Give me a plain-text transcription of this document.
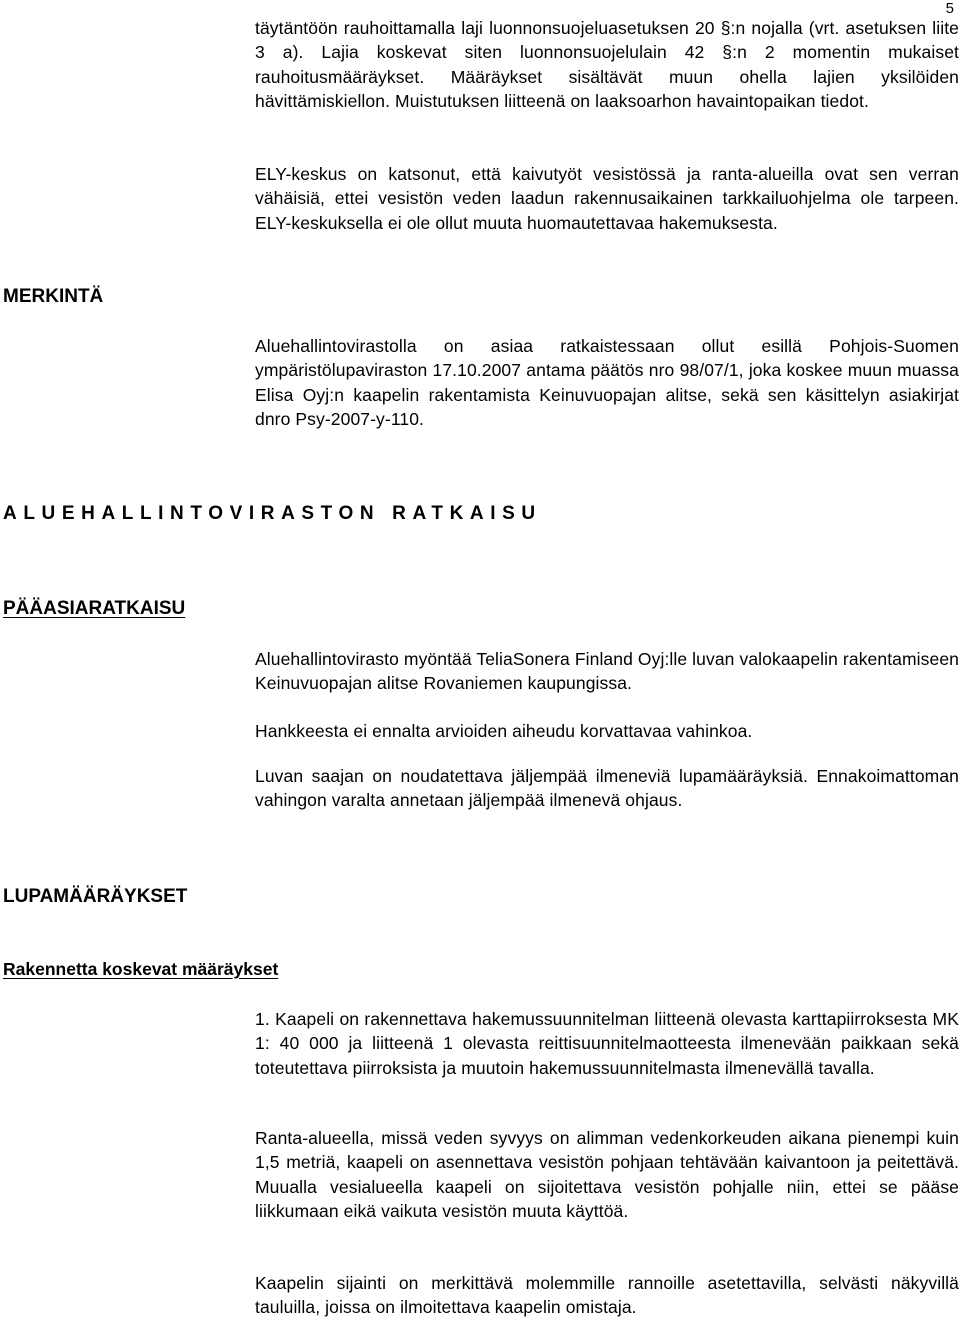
5

täytäntöön rauhoittamalla laji luonnonsuojeluasetuksen 20 §:n nojalla (vrt. asetuksen liite 3 a). Lajia koskevat siten luonnonsuojelulain 42 §:n 2 momentin mukaiset rauhoitusmääräykset. Määräykset sisältävät muun ohella lajien yksilöiden hävittämiskiellon. Muistutuksen liitteenä on laaksoarhon havaintopaikan tiedot.

ELY-keskus on katsonut, että kaivutyöt vesistössä ja ranta-alueilla ovat sen verran vähäisiä, ettei vesistön veden laadun rakennusaikainen tarkkailuohjelma ole tarpeen. ELY-keskuksella ei ole ollut muuta huomautettavaa hakemuksesta.

MERKINTÄ

Aluehallintovirastolla on asiaa ratkaistessaan ollut esillä Pohjois-Suomen ympäristölupaviraston 17.10.2007 antama päätös nro 98/07/1, joka koskee muun muassa Elisa Oyj:n kaapelin rakentamista Keinuvuopajan alitse, sekä sen käsittelyn asiakirjat dnro Psy-2007-y-110.

ALUEHALLINTOVIRASTON RATKAISU
PÄÄASIARATKAISU

Aluehallintovirasto myöntää TeliaSonera Finland Oyj:lle luvan valokaapelin rakentamiseen Keinuvuopajan alitse Rovaniemen kaupungissa.

Hankkeesta ei ennalta arvioiden aiheudu korvattavaa vahinkoa.

Luvan saajan on noudatettava jäljempää ilmeneviä lupamääräyksiä. Ennakoimattoman vahingon varalta annetaan jäljempää ilmenevä ohjaus.

LUPAMÄÄRÄYKSET
Rakennetta koskevat määräykset

1. Kaapeli on rakennettava hakemussuunnitelman liitteenä olevasta karttapiirroksesta MK 1: 40 000 ja liitteenä 1 olevasta reittisuunnitelmaotteesta ilmenevään paikkaan sekä toteutettava piirroksista ja muutoin hakemussuunnitelmasta ilmenevällä tavalla.

Ranta-alueella, missä veden syvyys on alimman vedenkorkeuden aikana pienempi kuin 1,5 metriä, kaapeli on asennettava vesistön pohjaan tehtävään kaivantoon ja peitettävä. Muualla vesialueella kaapeli on sijoitettava vesistön pohjalle niin, ettei se pääse liikkumaan eikä vaikuta vesistön muuta käyttöä.

Kaapelin sijainti on merkittävä molemmille rannoille asetettavilla, selvästi näkyvillä tauluilla, joissa on ilmoitettava kaapelin omistaja.
